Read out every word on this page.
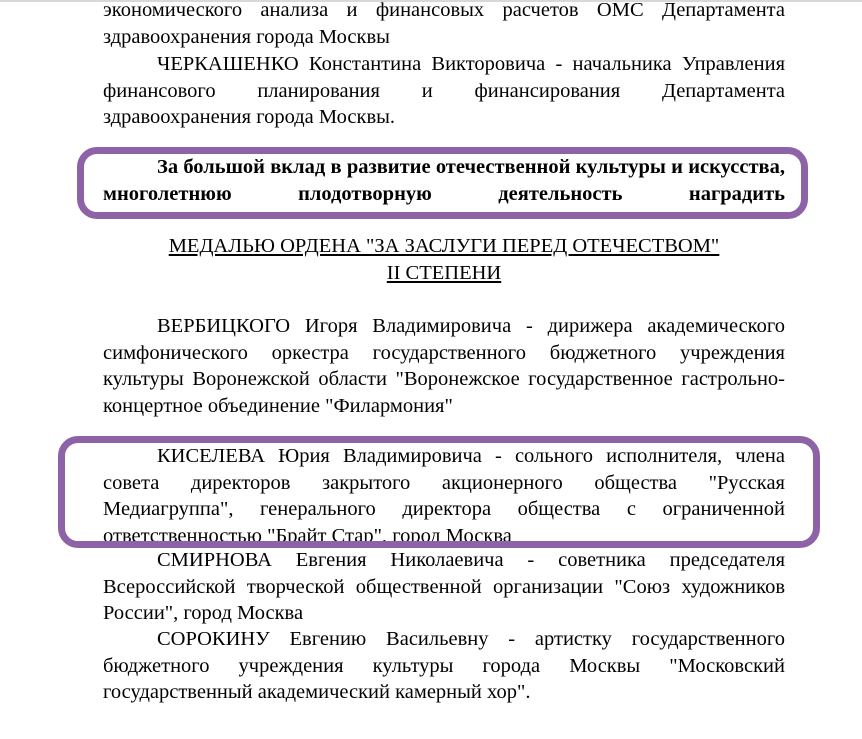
экономического анализа и финансовых расчетов ОМС Департамента здравоохранения города Москвы

ЧЕРКАШЕНКО Константина Викторовича - начальника Управления финансового планирования и финансирования Департамента здравоохранения города Москвы.

За большой вклад в развитие отечественной культуры и искусства, многолетнюю плодотворную деятельность наградить

МЕДАЛЬЮ ОРДЕНА "ЗА ЗАСЛУГИ ПЕРЕД ОТЕЧЕСТВОМ"

II СТЕПЕНИ

ВЕРБИЦКОГО Игоря Владимировича - дирижера академического симфонического оркестра государственного бюджетного учреждения культуры Воронежской области "Воронежское государственное гастрольно-концертное объединение "Филармония"

КИСЕЛЕВА Юрия Владимировича - сольного исполнителя, члена совета директоров закрытого акционерного общества "Русская Медиагруппа", генерального директора общества с ограниченной ответственностью "Брайт Стар", город Москва

СМИРНОВА Евгения Николаевича - советника председателя Всероссийской творческой общественной организации "Союз художников России", город Москва

СОРОКИНУ Евгению Васильевну - артистку государственного бюджетного учреждения культуры города Москвы "Московский государственный академический камерный хор".
